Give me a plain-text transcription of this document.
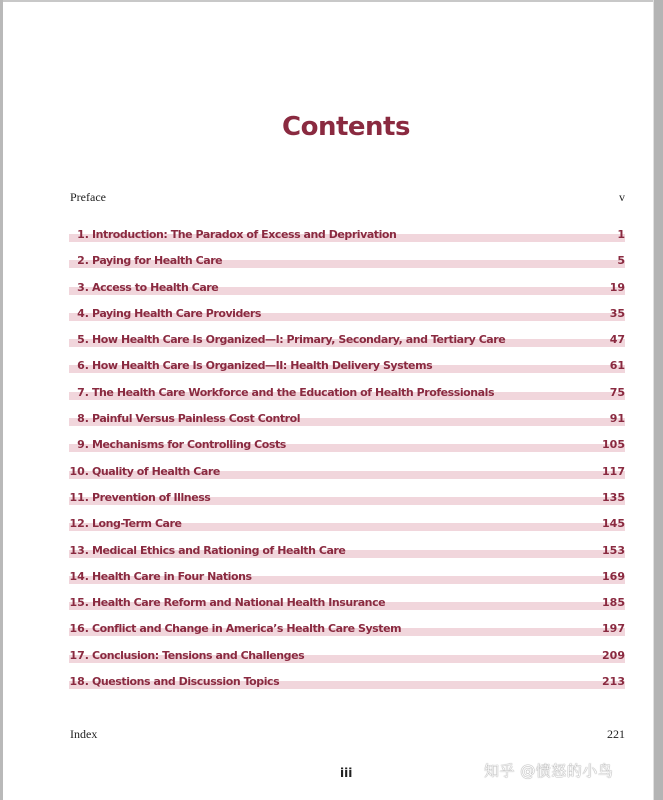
Contents
Preface	v
1. Introduction: The Paradox of Excess and Deprivation	1
2. Paying for Health Care	5
3. Access to Health Care	19
4. Paying Health Care Providers	35
5. How Health Care Is Organized—I: Primary, Secondary, and Tertiary Care	47
6. How Health Care Is Organized—II: Health Delivery Systems	61
7. The Health Care Workforce and the Education of Health Professionals	75
8. Painful Versus Painless Cost Control	91
9. Mechanisms for Controlling Costs	105
10. Quality of Health Care	117
11. Prevention of Illness	135
12. Long-Term Care	145
13. Medical Ethics and Rationing of Health Care	153
14. Health Care in Four Nations	169
15. Health Care Reform and National Health Insurance	185
16. Conflict and Change in America’s Health Care System	197
17. Conclusion: Tensions and Challenges	209
18. Questions and Discussion Topics	213
Index	221
iii	知乎 @愤怒的小鸟
